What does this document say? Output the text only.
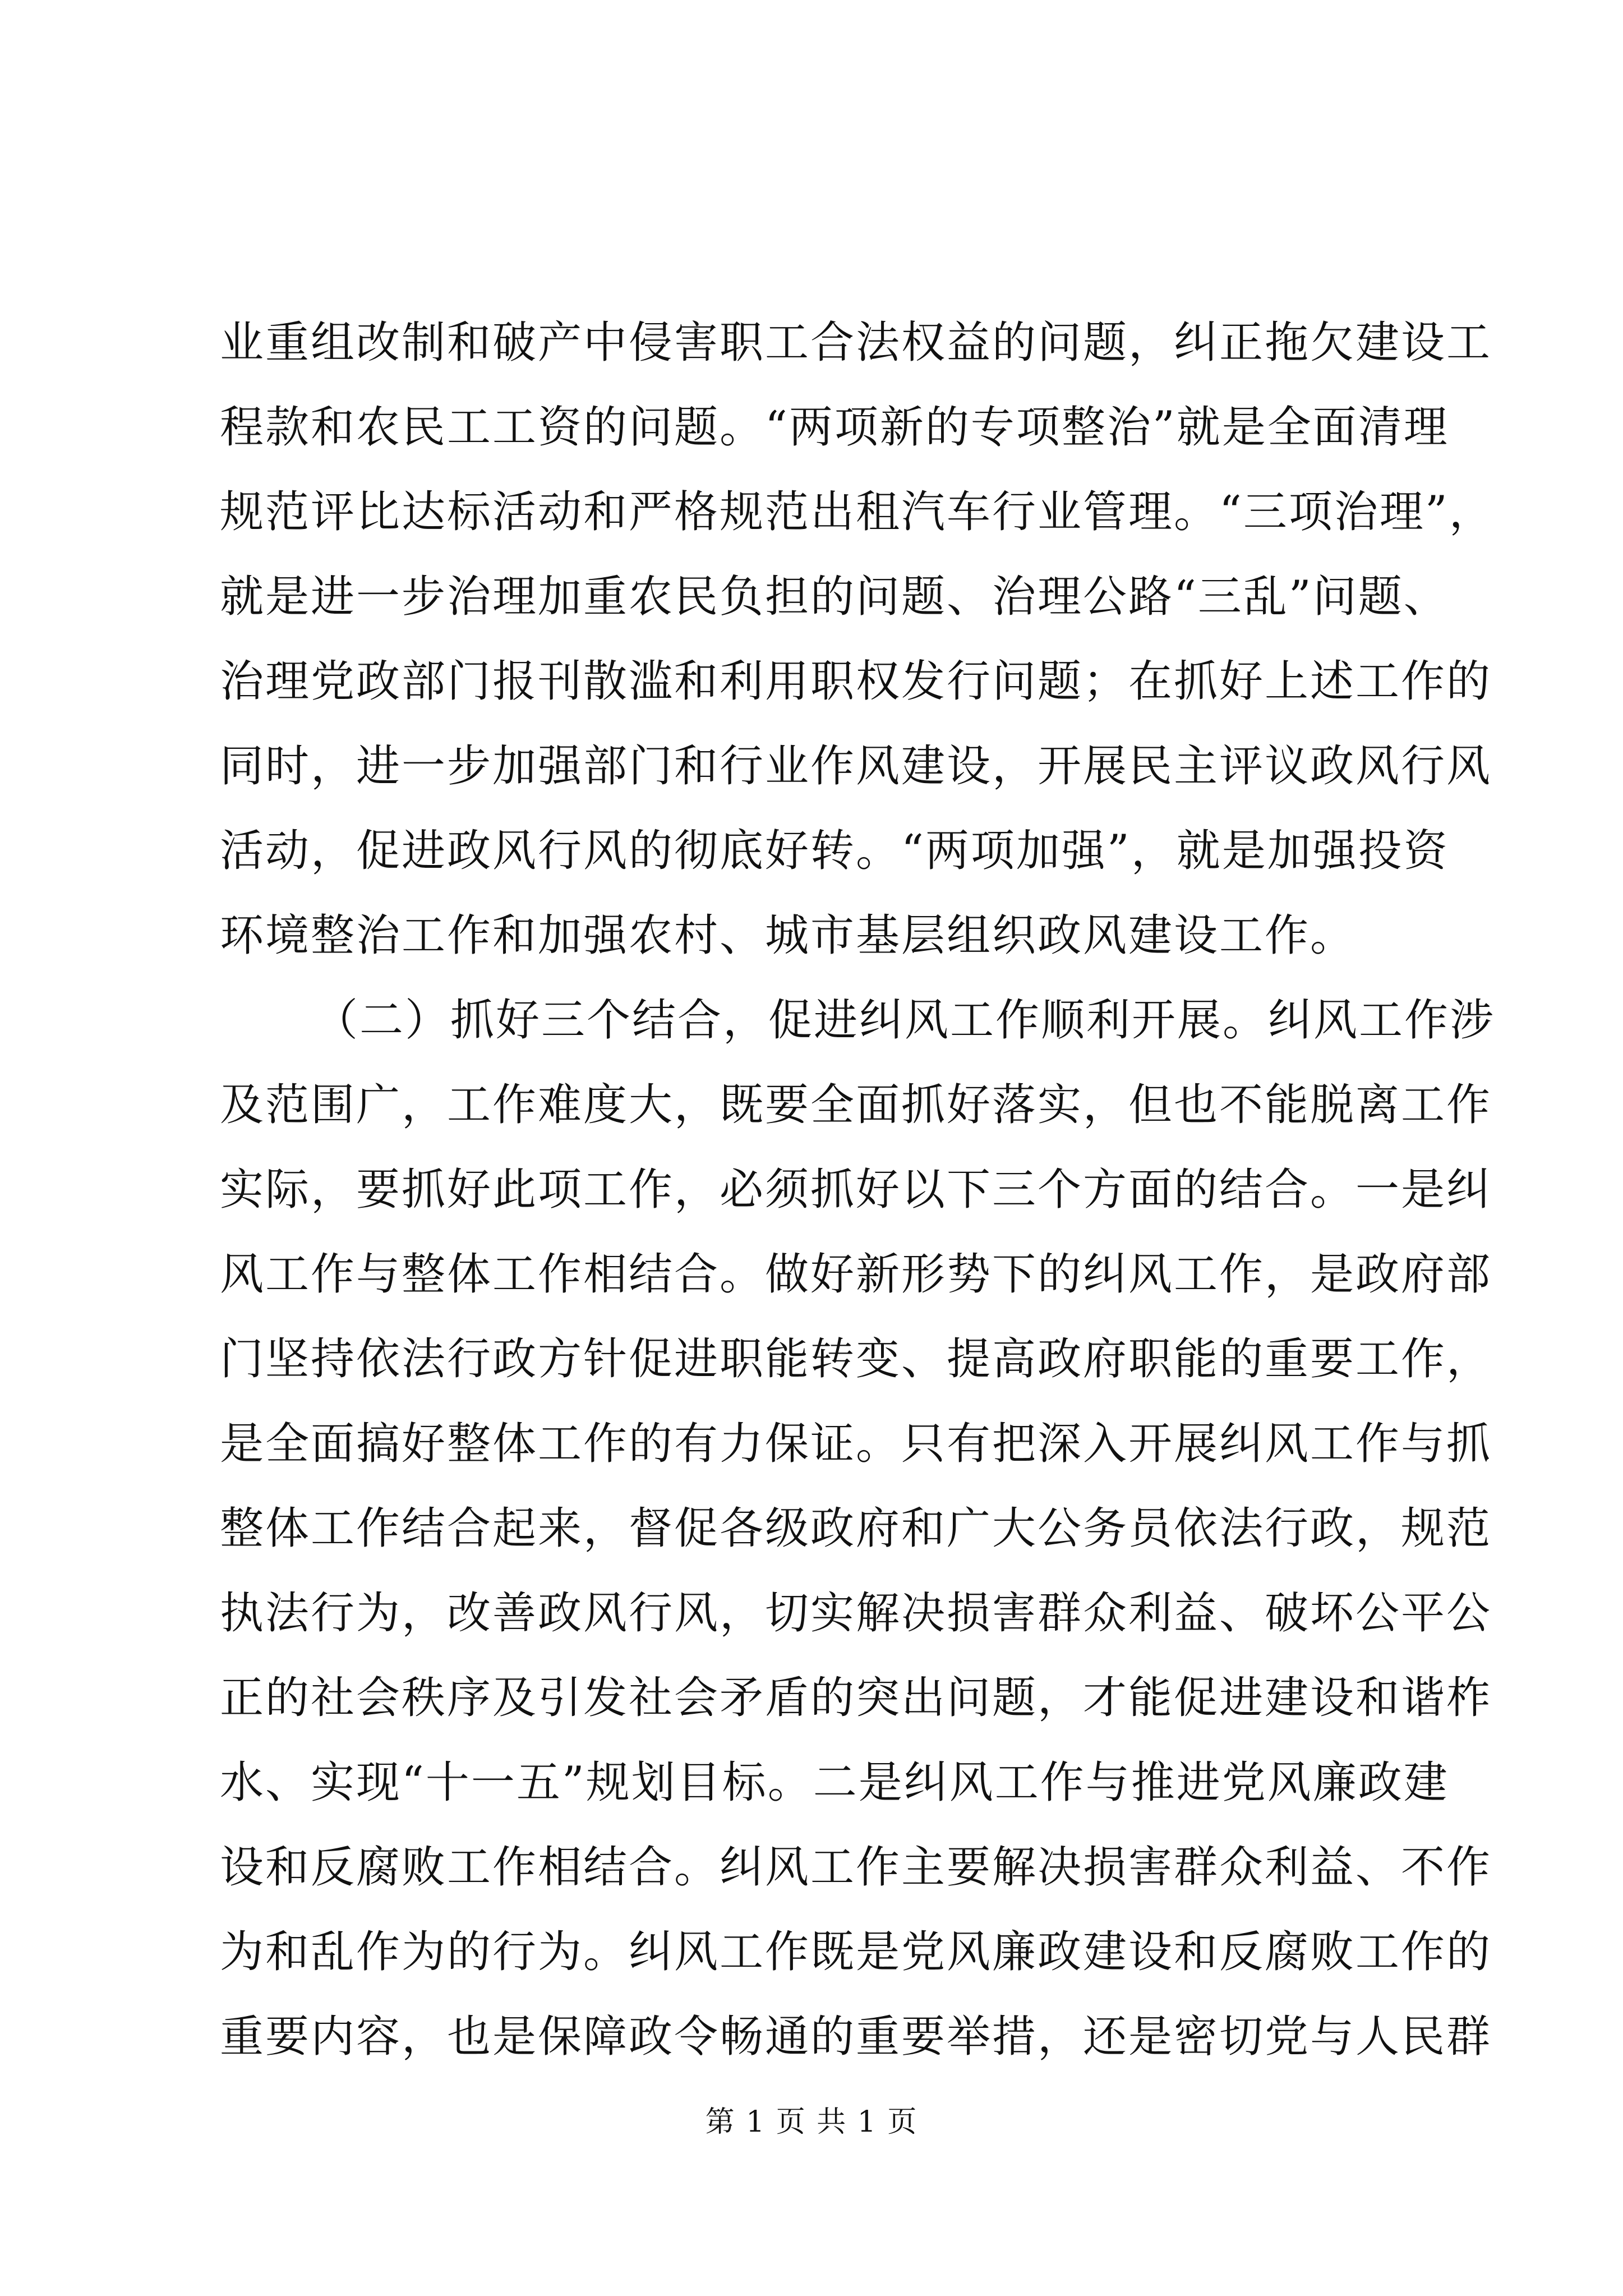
业重组改制和破产中侵害职工合法权益的问题，纠正拖欠建设工
程款和农民工工资的问题。“两项新的专项整治”就是全面清理
规范评比达标活动和严格规范出租汽车行业管理。“三项治理”，
就是进一步治理加重农民负担的问题、治理公路“三乱”问题、
治理党政部门报刊散滥和利用职权发行问题；在抓好上述工作的
同时，进一步加强部门和行业作风建设，开展民主评议政风行风
活动，促进政风行风的彻底好转。“两项加强”，就是加强投资
环境整治工作和加强农村、城市基层组织政风建设工作。
（二）抓好三个结合，促进纠风工作顺利开展。纠风工作涉
及范围广，工作难度大，既要全面抓好落实，但也不能脱离工作
实际，要抓好此项工作，必须抓好以下三个方面的结合。一是纠
风工作与整体工作相结合。做好新形势下的纠风工作，是政府部
门坚持依法行政方针促进职能转变、提高政府职能的重要工作，
是全面搞好整体工作的有力保证。只有把深入开展纠风工作与抓
整体工作结合起来，督促各级政府和广大公务员依法行政，规范
执法行为，改善政风行风，切实解决损害群众利益、破坏公平公
正的社会秩序及引发社会矛盾的突出问题，才能促进建设和谐柞
水、实现“十一五”规划目标。二是纠风工作与推进党风廉政建
设和反腐败工作相结合。纠风工作主要解决损害群众利益、不作
为和乱作为的行为。纠风工作既是党风廉政建设和反腐败工作的
重要内容，也是保障政令畅通的重要举措，还是密切党与人民群
第 1 页 共 1 页
